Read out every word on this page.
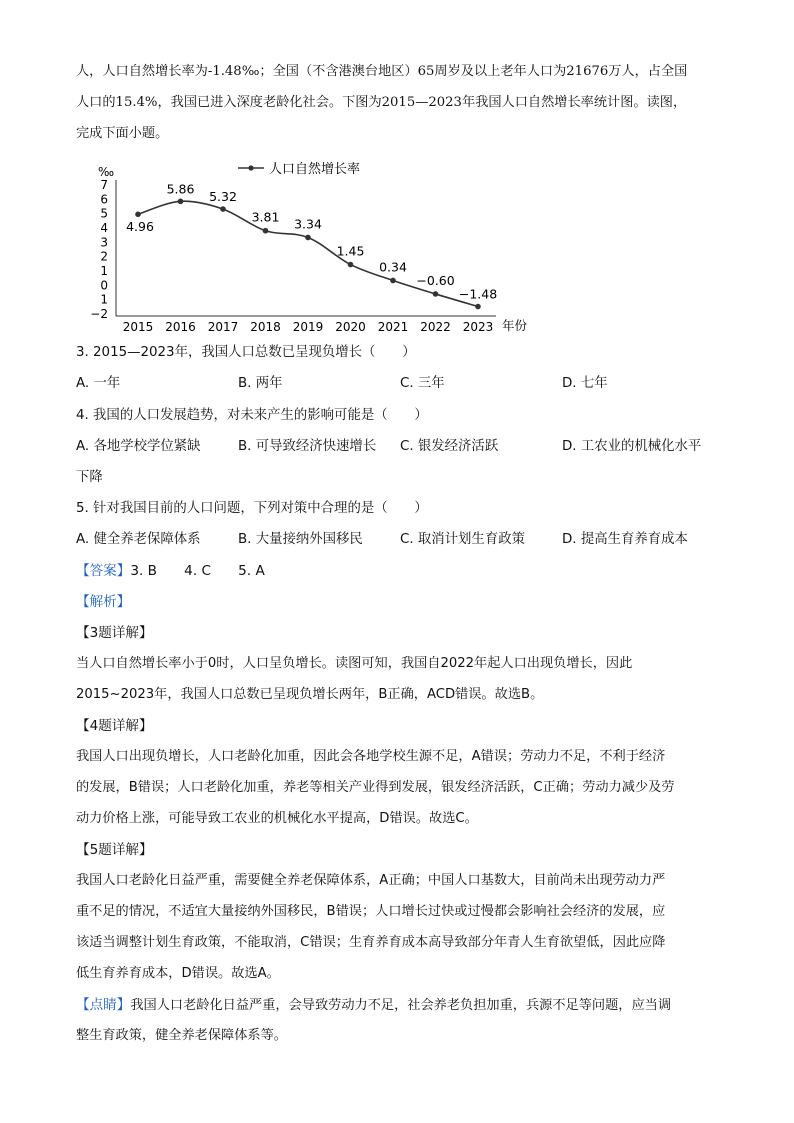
人，人口自然增长率为-1.48‰；全国（不含港澳台地区）65周岁及以上老年人口为21676万人，占全国
人口的15.4%，我国已进入深度老龄化社会。下图为2015—2023年我国人口自然增长率统计图。读图，
完成下面小题。
‰
7
6
5
4
3
2
1
0
1
−2
2015 2016 2017 2018 2019 2020 2021 2022 2023 年份
人口自然增长率
4.96
5.86
5.32
3.81 3.34
1.45
0.34
−0.60
−1.48
3. 2015—2023年，我国人口总数已呈现负增长（　　）
A. 一年	B. 两年	C. 三年	D. 七年
4. 我国的人口发展趋势，对未来产生的影响可能是（　　）
A. 各地学校学位紧缺	B. 可导致经济快速增长 C. 银发经济活跃	D. 工农业的机械化水平
下降
5. 针对我国目前的人口问题，下列对策中合理的是（　　）
A. 健全养老保障体系	B. 大量接纳外国移民	C. 取消计划生育政策	D. 提高生育养育成本
【答案】3. B　　4. C　　5. A
【解析】
【3题详解】
当人口自然增长率小于0时，人口呈负增长。读图可知，我国自2022年起人口出现负增长，因此
2015~2023年，我国人口总数已呈现负增长两年，B正确，ACD错误。故选B。
【4题详解】
我国人口出现负增长，人口老龄化加重，因此会各地学校生源不足，A错误；劳动力不足，不利于经济
的发展，B错误；人口老龄化加重，养老等相关产业得到发展，银发经济活跃，C正确；劳动力减少及劳
动力价格上涨，可能导致工农业的机械化水平提高，D错误。故选C。
【5题详解】
我国人口老龄化日益严重，需要健全养老保障体系，A正确；中国人口基数大，目前尚未出现劳动力严
重不足的情况，不适宜大量接纳外国移民，B错误；人口增长过快或过慢都会影响社会经济的发展，应
该适当调整计划生育政策，不能取消，C错误；生育养育成本高导致部分年青人生育欲望低，因此应降
低生育养育成本，D错误。故选A。
【点睛】我国人口老龄化日益严重，会导致劳动力不足，社会养老负担加重，兵源不足等问题，应当调
整生育政策，健全养老保障体系等。
